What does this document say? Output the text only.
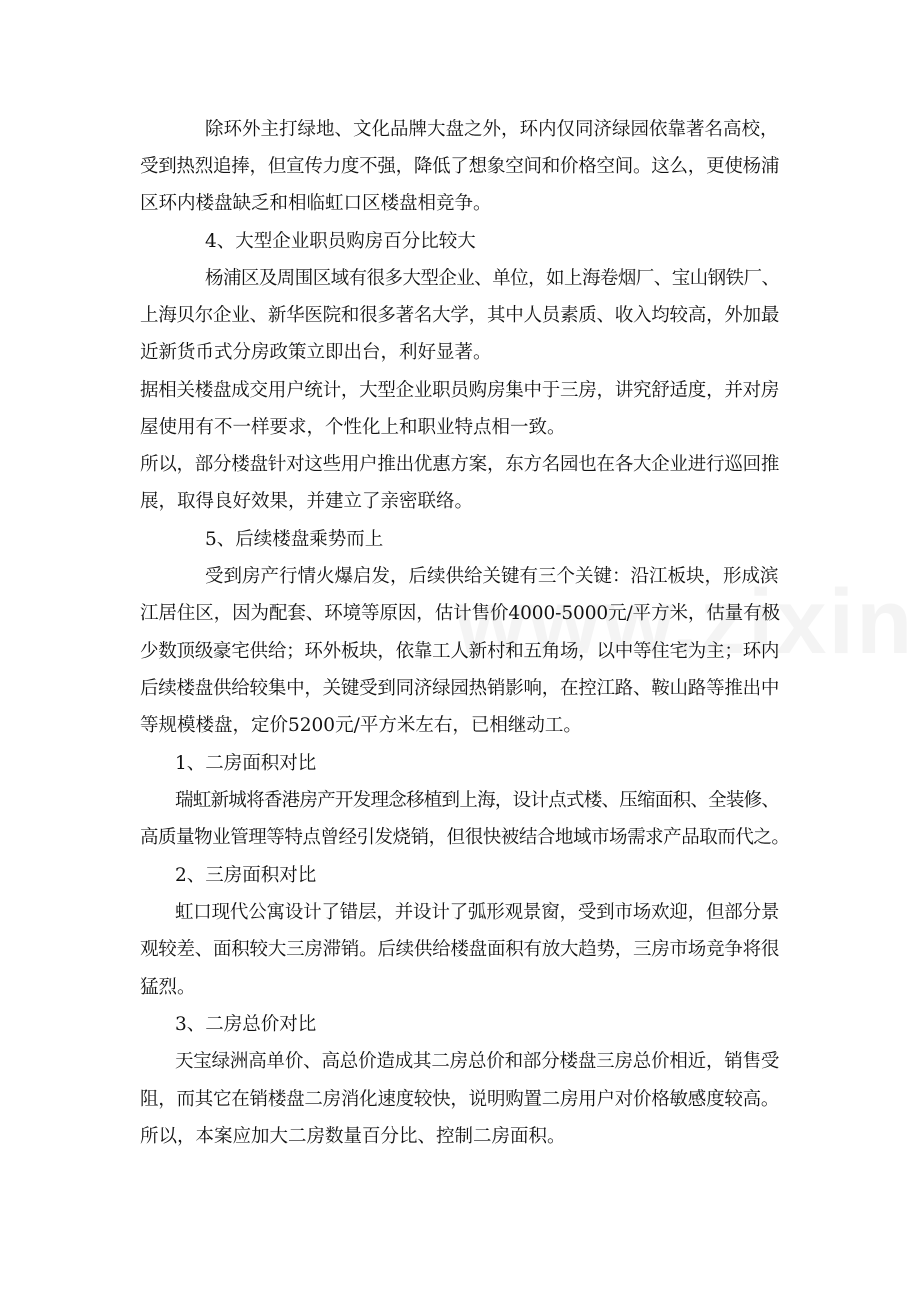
除环外主打绿地、文化品牌大盘之外，环内仅同济绿园依靠著名高校，
受到热烈追捧，但宣传力度不强，降低了想象空间和价格空间。这么，更使杨浦
区环内楼盘缺乏和相临虹口区楼盘相竞争。
4、大型企业职员购房百分比较大
杨浦区及周围区域有很多大型企业、单位，如上海卷烟厂、宝山钢铁厂、
上海贝尔企业、新华医院和很多著名大学，其中人员素质、收入均较高，外加最
近新货币式分房政策立即出台，利好显著。
据相关楼盘成交用户统计，大型企业职员购房集中于三房，讲究舒适度，并对房
屋使用有不一样要求，个性化上和职业特点相一致。
所以，部分楼盘针对这些用户推出优惠方案，东方名园也在各大企业进行巡回推
展，取得良好效果，并建立了亲密联络。
5、后续楼盘乘势而上
受到房产行情火爆启发，后续供给关键有三个关键：沿江板块，形成滨
江居住区，因为配套、环境等原因，估计售价4000-5000元/平方米，估量有极
少数顶级豪宅供给；环外板块，依靠工人新村和五角场，以中等住宅为主；环内
后续楼盘供给较集中，关键受到同济绿园热销影响，在控江路、鞍山路等推出中
等规模楼盘，定价5200元/平方米左右，已相继动工。
1、二房面积对比
瑞虹新城将香港房产开发理念移植到上海，设计点式楼、压缩面积、全装修、
高质量物业管理等特点曾经引发烧销，但很快被结合地域市场需求产品取而代之。
2、三房面积对比
虹口现代公寓设计了错层，并设计了弧形观景窗，受到市场欢迎，但部分景
观较差、面积较大三房滞销。后续供给楼盘面积有放大趋势，三房市场竞争将很
猛烈。
3、二房总价对比
天宝绿洲高单价、高总价造成其二房总价和部分楼盘三房总价相近，销售受
阻，而其它在销楼盘二房消化速度较快，说明购置二房用户对价格敏感度较高。
所以，本案应加大二房数量百分比、控制二房面积。
